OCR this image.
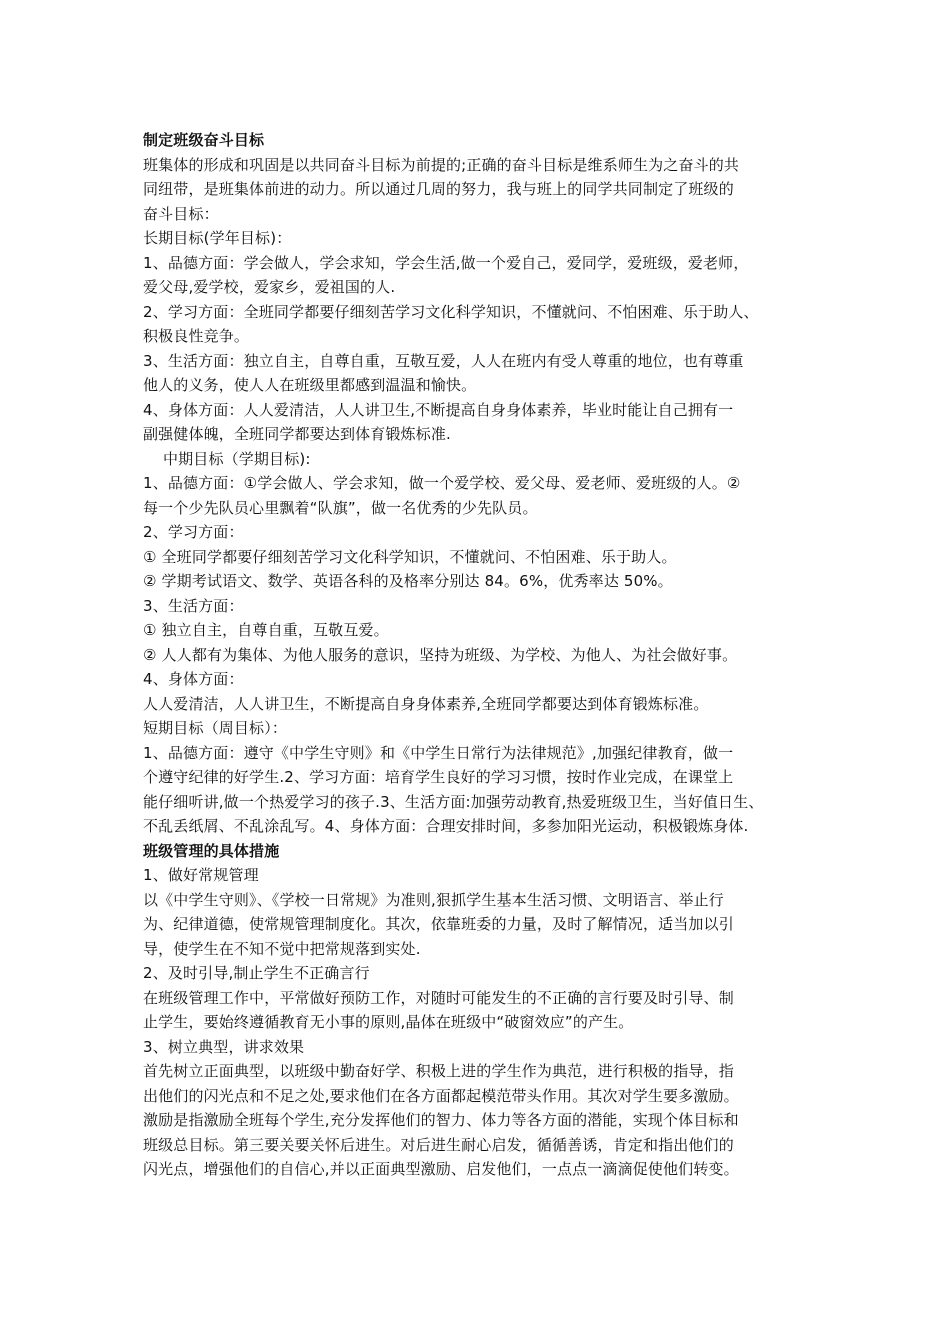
制定班级奋斗目标
班集体的形成和巩固是以共同奋斗目标为前提的;正确的奋斗目标是维系师生为之奋斗的共
同纽带，是班集体前进的动力。所以通过几周的努力，我与班上的同学共同制定了班级的
奋斗目标：
长期目标(学年目标)：
1、品德方面：学会做人，学会求知，学会生活,做一个爱自己，爱同学，爱班级，爱老师，
爱父母,爱学校，爱家乡，爱祖国的人.
2、学习方面：全班同学都要仔细刻苦学习文化科学知识，不懂就问、不怕困难、乐于助人、
积极良性竞争。
3、生活方面：独立自主，自尊自重，互敬互爱，人人在班内有受人尊重的地位，也有尊重
他人的义务，使人人在班级里都感到温温和愉快。
4、身体方面：人人爱清洁，人人讲卫生,不断提高自身身体素养，毕业时能让自己拥有一
副强健体魄，全班同学都要达到体育锻炼标准.
中期目标（学期目标):
1、品德方面：①学会做人、学会求知，做一个爱学校、爱父母、爱老师、爱班级的人。②
每一个少先队员心里飘着“队旗”，做一名优秀的少先队员。
2、学习方面：
① 全班同学都要仔细刻苦学习文化科学知识，不懂就问、不怕困难、乐于助人。
② 学期考试语文、数学、英语各科的及格率分别达 84。6%，优秀率达 50%。
3、生活方面：
① 独立自主，自尊自重，互敬互爱。
② 人人都有为集体、为他人服务的意识，坚持为班级、为学校、为他人、为社会做好事。
4、身体方面：
人人爱清洁，人人讲卫生，不断提高自身身体素养,全班同学都要达到体育锻炼标准。
短期目标（周目标）：
1、品德方面：遵守《中学生守则》和《中学生日常行为法律规范》,加强纪律教育，做一
个遵守纪律的好学生.2、学习方面：培育学生良好的学习习惯，按时作业完成，在课堂上
能仔细听讲,做一个热爱学习的孩子.3、生活方面:加强劳动教育,热爱班级卫生，当好值日生、
不乱丢纸屑、不乱涂乱写。4、身体方面：合理安排时间，多参加阳光运动，积极锻炼身体.
班级管理的具体措施
1、做好常规管理
以《中学生守则》、《学校一日常规》为准则,狠抓学生基本生活习惯、文明语言、举止行
为、纪律道德，使常规管理制度化。其次，依靠班委的力量，及时了解情况，适当加以引
导，使学生在不知不觉中把常规落到实处.
2、及时引导,制止学生不正确言行
在班级管理工作中，平常做好预防工作，对随时可能发生的不正确的言行要及时引导、制
止学生，要始终遵循教育无小事的原则,晶体在班级中“破窗效应”的产生。
3、树立典型，讲求效果
首先树立正面典型，以班级中勤奋好学、积极上进的学生作为典范，进行积极的指导，指
出他们的闪光点和不足之处,要求他们在各方面都起模范带头作用。其次对学生要多激励。
激励是指激励全班每个学生,充分发挥他们的智力、体力等各方面的潜能，实现个体目标和
班级总目标。第三要关要关怀后进生。对后进生耐心启发，循循善诱，肯定和指出他们的
闪光点，增强他们的自信心,并以正面典型激励、启发他们，一点点一滴滴促使他们转变。
